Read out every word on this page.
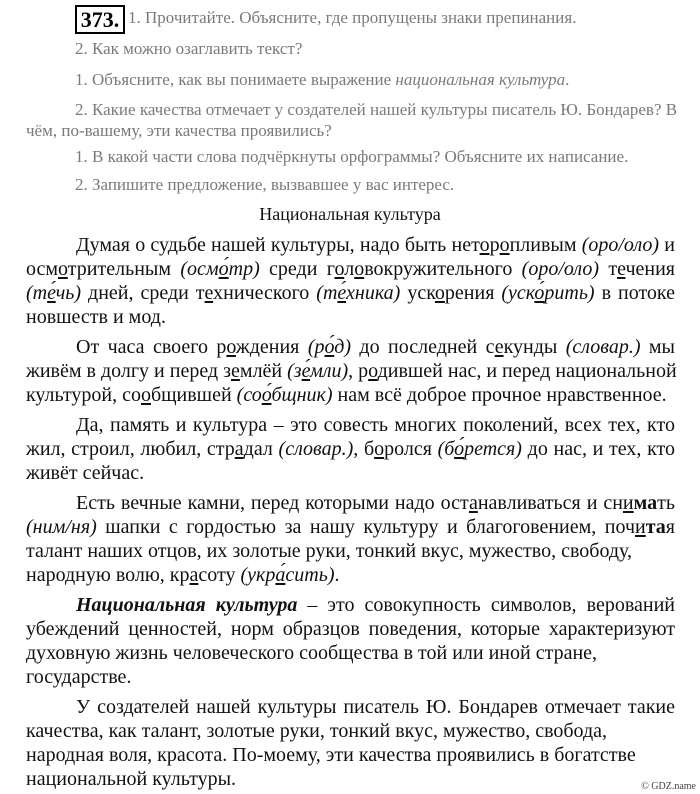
373. 1. Прочитайте. Объясните, где пропущены знаки препинания.
2. Как можно озаглавить текст?
1. Объясните, как вы понимаете выражение национальная культура.
2. Какие качества отмечает у создателей нашей культуры писатель Ю. Бондарев? В
чём, по-вашему, эти качества проявились?
1. В какой части слова подчёркнуты орфограммы? Объясните их написание.
2. Запишите предложение, вызвавшее у вас интерес.
Национальная культура
Думая о судьбе нашей культуры, надо быть неторопливым (оро/оло) и
осмотрительным (осмо́тр) среди головокружительного (оро/оло) течения
(те́чь) дней, среди технического (те́хника) ускорения (уско́рить) в потоке
новшеств и мод.
От часа своего рождения (ро́д) до последней секунды (словар.) мы
живём в долгу и перед землёй (зе́мли), родившей нас, и перед национальной
культурой, сообщившей (соо́бщник) нам всё доброе прочное нравственное.
Да, память и культура – это совесть многих поколений, всех тех, кто
жил, строил, любил, страдал (словар.), боролся (бо́рется) до нас, и тех, кто
живёт сейчас.
Есть вечные камни, перед которыми надо останавливаться и снимать
(ним/ня) шапки с гордостью за нашу культуру и благоговением, почитая
талант наших отцов, их золотые руки, тонкий вкус, мужество, свободу,
народную волю, красоту (укра́сить).
Национальная культура – это совокупность символов, верований
убеждений ценностей, норм образцов поведения, которые характеризуют
духовную жизнь человеческого сообщества в той или иной стране,
государстве.
У создателей нашей культуры писатель Ю. Бондарев отмечает такие
качества, как талант, золотые руки, тонкий вкус, мужество, свобода,
народная воля, красота. По-моему, эти качества проявились в богатстве
национальной культуры.	© GDZ.name
